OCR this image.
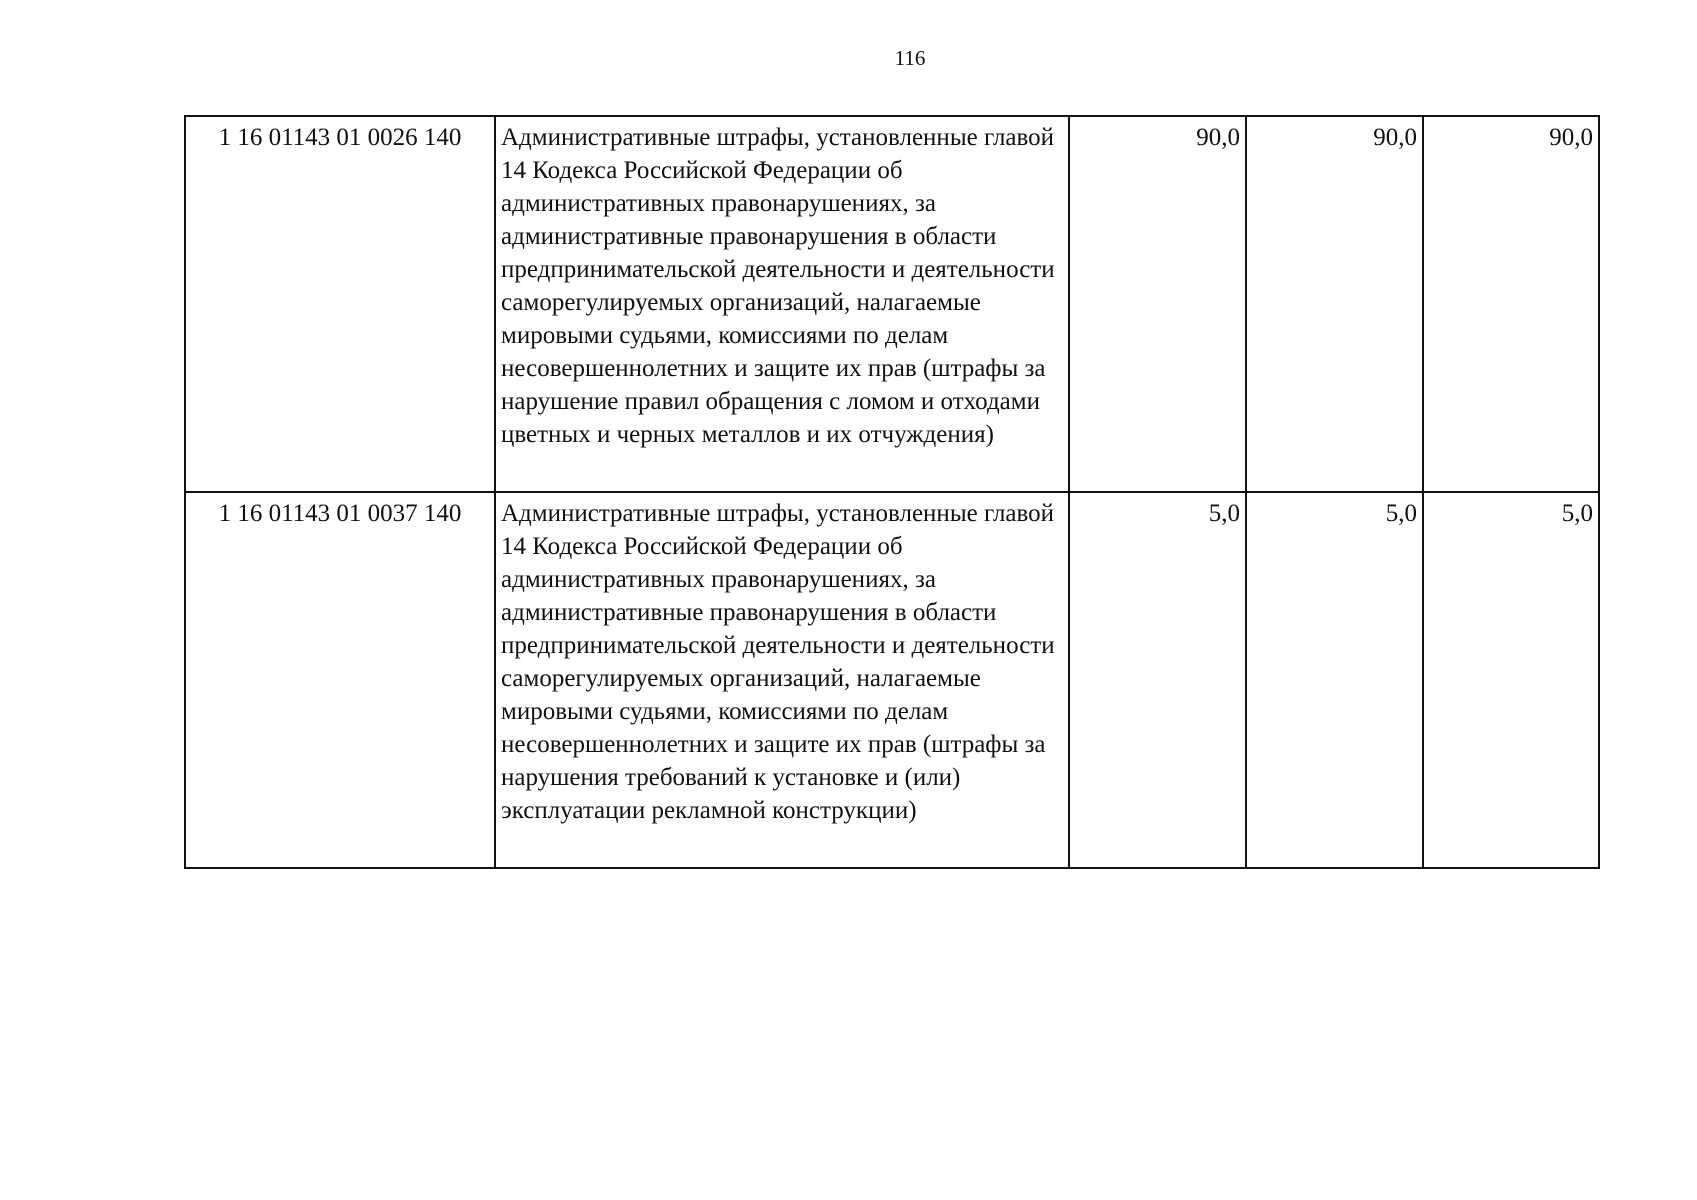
116
1 16 01143 01 0026 140	Административные штрафы, установленные главой 14 Кодекса Российской Федерации об административных правонарушениях, за административные правонарушения в области предпринимательской деятельности и деятельности саморегулируемых организаций, налагаемые мировыми судьями, комиссиями по делам несовершеннолетних и защите их прав (штрафы за нарушение правил обращения с ломом и отходами цветных и черных металлов и их отчуждения)	90,0	90,0	90,0
1 16 01143 01 0037 140	Административные штрафы, установленные главой 14 Кодекса Российской Федерации об административных правонарушениях, за административные правонарушения в области предпринимательской деятельности и деятельности саморегулируемых организаций, налагаемые мировыми судьями, комиссиями по делам несовершеннолетних и защите их прав (штрафы за нарушения требований к установке и (или) эксплуатации рекламной конструкции)	5,0	5,0	5,0
